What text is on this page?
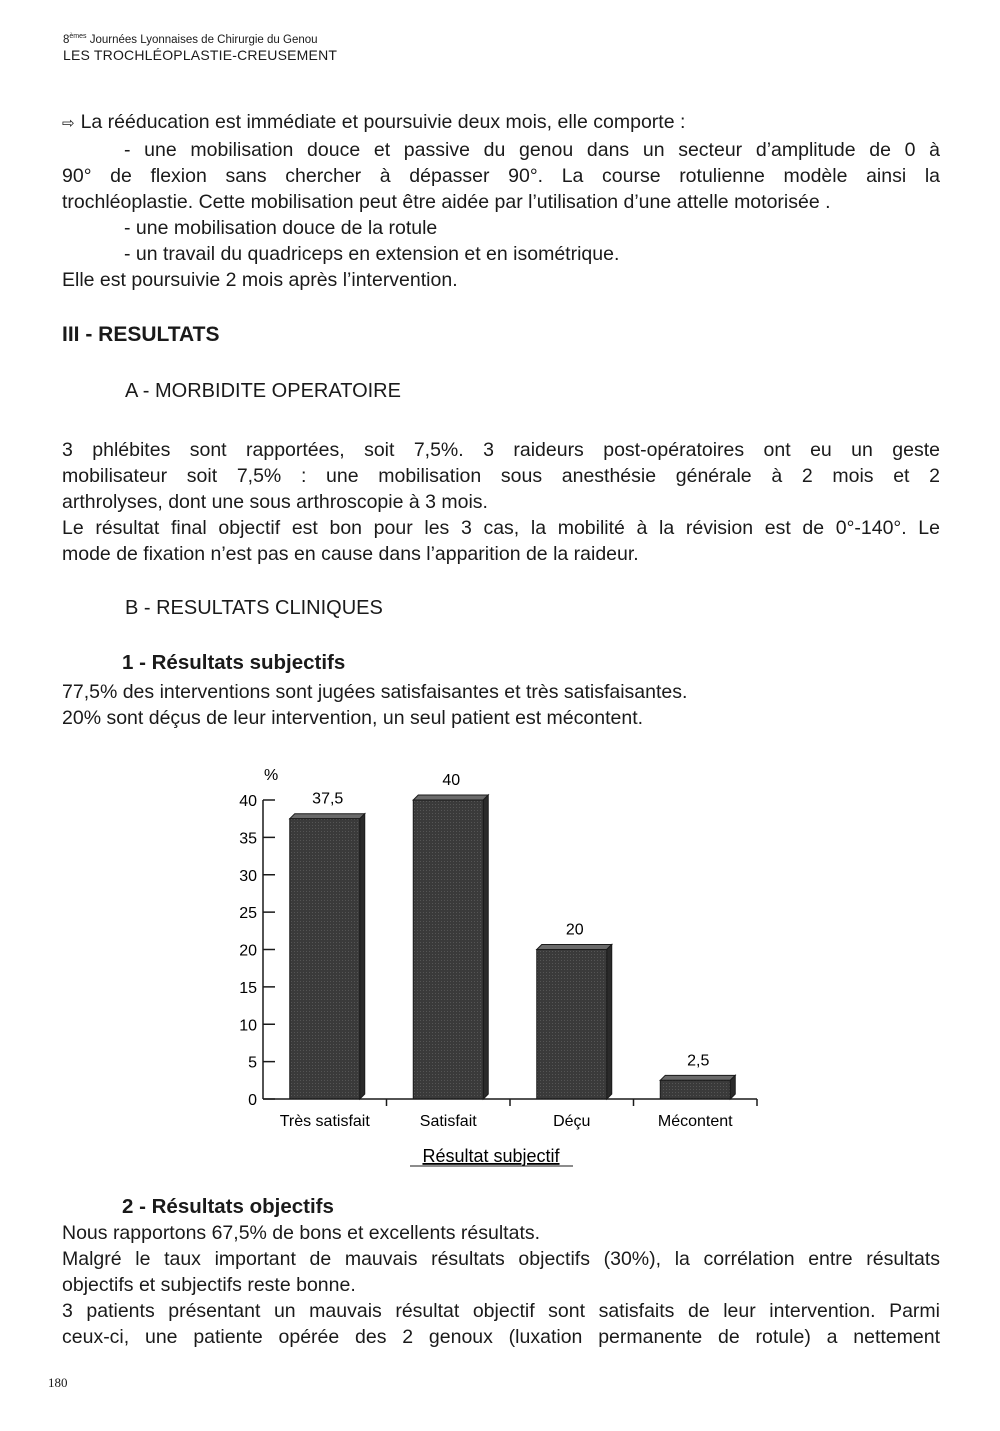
8èmes Journées Lyonnaises de Chirurgie du Genou
LES TROCHLÉOPLASTIE-CREUSEMENT

⇨ La rééducation est immédiate et poursuivie deux mois, elle comporte :

- une mobilisation douce et passive du genou dans un secteur d’amplitude de 0 à

90° de flexion sans chercher à dépasser 90°. La course rotulienne modèle ainsi la

trochléoplastie. Cette mobilisation peut être aidée par l’utilisation d’une attelle motorisée .

- une mobilisation douce de la rotule

- un travail du quadriceps en extension et en isométrique.

Elle est poursuivie 2 mois après l’intervention.

III - RESULTATS
A - MORBIDITE OPERATOIRE

3 phlébites sont rapportées, soit 7,5%. 3 raideurs post-opératoires ont eu un geste

mobilisateur soit 7,5% : une mobilisation sous anesthésie générale à 2 mois et 2

arthrolyses, dont une sous arthroscopie à 3 mois.

Le résultat final objectif est bon pour les 3 cas, la mobilité à la révision est de 0°-140°. Le

mode de fixation n’est pas en cause dans l’apparition de la raideur.

B - RESULTATS CLINIQUES
1 - Résultats subjectifs

77,5% des interventions sont jugées satisfaisantes et très satisfaisantes.

20% sont déçus de leur intervention, un seul patient est mécontent.

%
0
5
10
15
20
25
30
35
40	37,5
40
20
2,5
Très satisfait	Satisfait	Déçu	Mécontent
Résultat subjectif
2 - Résultats objectifs

Nous rapportons 67,5% de bons et excellents résultats.

Malgré le taux important de mauvais résultats objectifs (30%), la corrélation entre résultats

objectifs et subjectifs reste bonne.

3 patients présentant un mauvais résultat objectif sont satisfaits de leur intervention. Parmi

ceux-ci, une patiente opérée des 2 genoux (luxation permanente de rotule) a nettement

180
